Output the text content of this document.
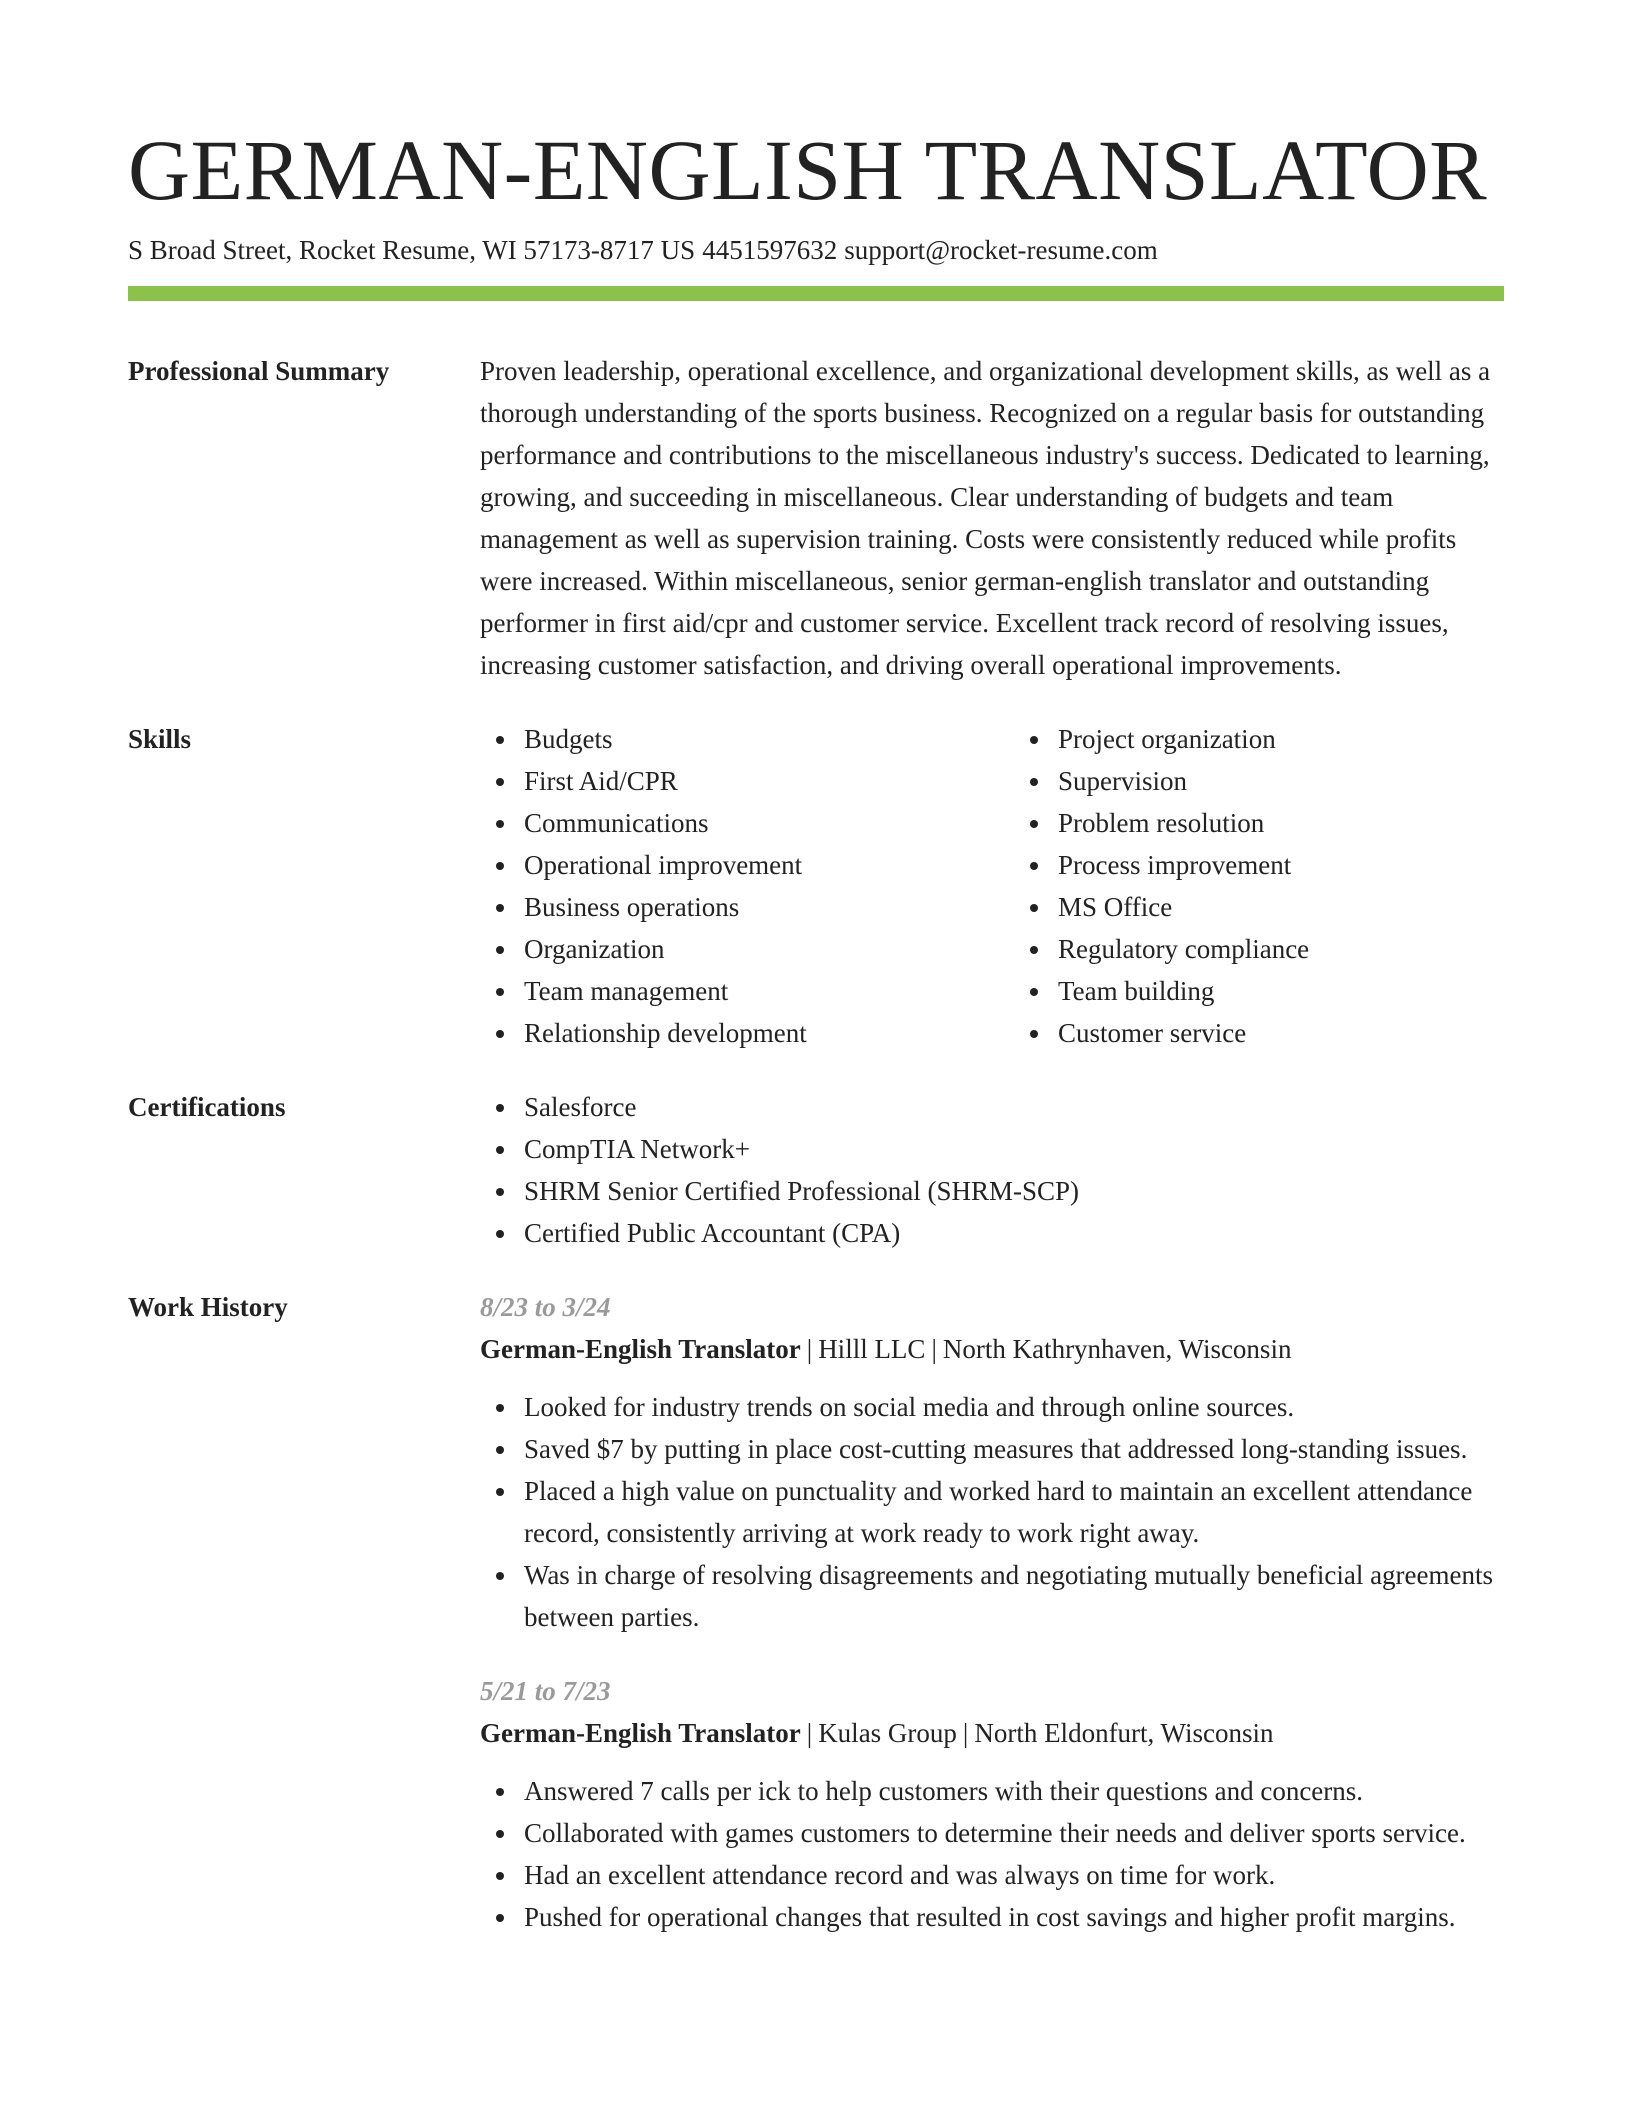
GERMAN-ENGLISH TRANSLATOR
S Broad Street, Rocket Resume, WI 57173-8717 US 4451597632 support@rocket-resume.com
Professional Summary	Proven leadership, operational excellence, and organizational development skills, as well as a thorough understanding of the sports business. Recognized on a regular basis for outstanding performance and contributions to the miscellaneous industry's success. Dedicated to learning, growing, and succeeding in miscellaneous. Clear understanding of budgets and team management as well as supervision training. Costs were consistently reduced while profits were increased. Within miscellaneous, senior german-english translator and outstanding performer in first aid/cpr and customer service. Excellent track record of resolving issues, increasing customer satisfaction, and driving overall operational improvements.

Skills	Budgets
First Aid/CPR
Communications
Operational improvement
Business operations
Organization
Team management
Relationship development
Project organization
Supervision
Problem resolution
Process improvement
MS Office
Regulatory compliance
Team building
Customer service
Certifications	Salesforce
CompTIA Network+
SHRM Senior Certified Professional (SHRM-SCP)
Certified Public Accountant (CPA)
Work History	8/23 to 3/24
German-English Translator | Hilll LLC | North Kathrynhaven, Wisconsin
Looked for industry trends on social media and through online sources.
Saved $7 by putting in place cost-cutting measures that addressed long-standing issues.
Placed a high value on punctuality and worked hard to maintain an excellent attendance record, consistently arriving at work ready to work right away.
Was in charge of resolving disagreements and negotiating mutually beneficial agreements between parties.
5/21 to 7/23
German-English Translator | Kulas Group | North Eldonfurt, Wisconsin
Answered 7 calls per ick to help customers with their questions and concerns.
Collaborated with games customers to determine their needs and deliver sports service.
Had an excellent attendance record and was always on time for work.
Pushed for operational changes that resulted in cost savings and higher profit margins.
